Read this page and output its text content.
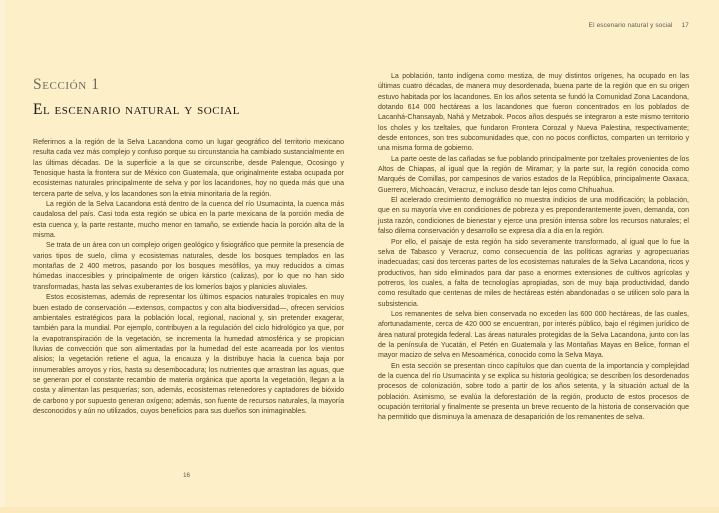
El escenario natural y social 17
Sección 1
El escenario natural y social

Referirnos a la región de la Selva Lacandona como un lugar geográfico del territorio mexicano resulta cada vez más complejo y confuso porque su circunstancia ha cambiado sustancialmente en las últimas décadas. De la superficie a la que se circunscribe, desde Palenque, Ocosingo y Tenosique hasta la frontera sur de México con Guatemala, que originalmente estaba ocupada por ecosistemas naturales principalmente de selva y por los lacandones, hoy no queda más que una tercera parte de selva, y los lacandones son la etnia minoritaria de la región.

La región de la Selva Lacandona está dentro de la cuenca del río Usumacinta, la cuenca más caudalosa del país. Casi toda esta región se ubica en la parte mexicana de la porción media de esta cuenca y, la parte restante, mucho menor en tamaño, se extiende hacia la porción alta de la misma.

Se trata de un área con un complejo origen geológico y fisiográfico que permite la presencia de varios tipos de suelo, clima y ecosistemas naturales, desde los bosques templados en las montañas de 2 400 metros, pasando por los bosques mesófilos, ya muy reducidos a cimas húmedas inaccesibles y principalmente de origen kárstico (calizas), por lo que no han sido transformadas, hasta las selvas exuberantes de los lomeríos bajos y planicies aluviales.

Estos ecosistemas, además de representar los últimos espacios naturales tropicales en muy buen estado de conservación —extensos, compactos y con alta biodiversidad—, ofrecen servicios ambientales estratégicos para la población local, regional, nacional y, sin pretender exagerar, también para la mundial. Por ejemplo, contribuyen a la regulación del ciclo hidrológico ya que, por la evapotranspiración de la vegetación, se incrementa la humedad atmosférica y se propician lluvias de convección que son alimentadas por la humedad del este acarreada por los vientos alisios; la vegetación retiene el agua, la encauza y la distribuye hacia la cuenca baja por innumerables arroyos y ríos, hasta su desembocadura; los nutrientes que arrastran las aguas, que se generan por el constante recambio de materia orgánica que aporta la vegetación, llegan a la costa y alimentan las pesquerías; son, además, ecosistemas retenedores y captadores de bióxido de carbono y por supuesto generan oxígeno; además, son fuente de recursos naturales, la mayoría desconocidos y aún no utilizados, cuyos beneficios para sus dueños son inimaginables.

La población, tanto indígena como mestiza, de muy distintos orígenes, ha ocupado en las últimas cuatro décadas, de manera muy desordenada, buena parte de la región que en su origen estuvo habitada por los lacandones. En los años setenta se fundó la Comunidad Zona Lacandona, dotando 614 000 hectáreas a los lacandones que fueron concentrados en los poblados de Lacanhá-Chansayab, Nahá y Metzabok. Pocos años después se integraron a este mismo territorio los choles y los tzeltales, que fundaron Frontera Corozal y Nueva Palestina, respectivamente; desde entonces, son tres subcomunidades que, con no pocos conflictos, comparten un territorio y una misma forma de gobierno.

La parte oeste de las cañadas se fue poblando principalmente por tzeltales provenientes de los Altos de Chiapas, al igual que la región de Miramar; y la parte sur, la región conocida como Marqués de Comillas, por campesinos de varios estados de la República, principalmente Oaxaca, Guerrero, Michoacán, Veracruz, e incluso desde tan lejos como Chihuahua.

El acelerado crecimiento demográfico no muestra indicios de una modificación; la población, que en su mayoría vive en condiciones de pobreza y es preponderantemente joven, demanda, con justa razón, condiciones de bienestar y ejerce una presión intensa sobre los recursos naturales; el falso dilema conservación y desarrollo se expresa día a día en la región.

Por ello, el paisaje de esta región ha sido severamente transformado, al igual que lo fue la selva de Tabasco y Veracruz, como consecuencia de las políticas agrarias y agropecuarias inadecuadas; casi dos terceras partes de los ecosistemas naturales de la Selva Lacandona, ricos y productivos, han sido eliminados para dar paso a enormes extensiones de cultivos agrícolas y potreros, los cuales, a falta de tecnologías apropiadas, son de muy baja productividad, dando como resultado que centenas de miles de hectáreas estén abandonadas o se utilicen solo para la subsistencia.

Los remanentes de selva bien conservada no exceden las 600 000 hectáreas, de las cuales, afortunadamente, cerca de 420 000 se encuentran, por interés público, bajo el régimen jurídico de área natural protegida federal. Las áreas naturales protegidas de la Selva Lacandona, junto con las de la península de Yucatán, el Petén en Guatemala y las Montañas Mayas en Belice, forman el mayor macizo de selva en Mesoamérica, conocido como la Selva Maya.

En esta sección se presentan cinco capítulos que dan cuenta de la importancia y complejidad de la cuenca del río Usumacinta y se explica su historia geológica; se describen los desordenados procesos de colonización, sobre todo a partir de los años setenta, y la situación actual de la población. Asimismo, se evalúa la deforestación de la región, producto de estos procesos de ocupación territorial y finalmente se presenta un breve recuento de la historia de conservación que ha permitido que disminuya la amenaza de desaparición de los remanentes de selva.

16
